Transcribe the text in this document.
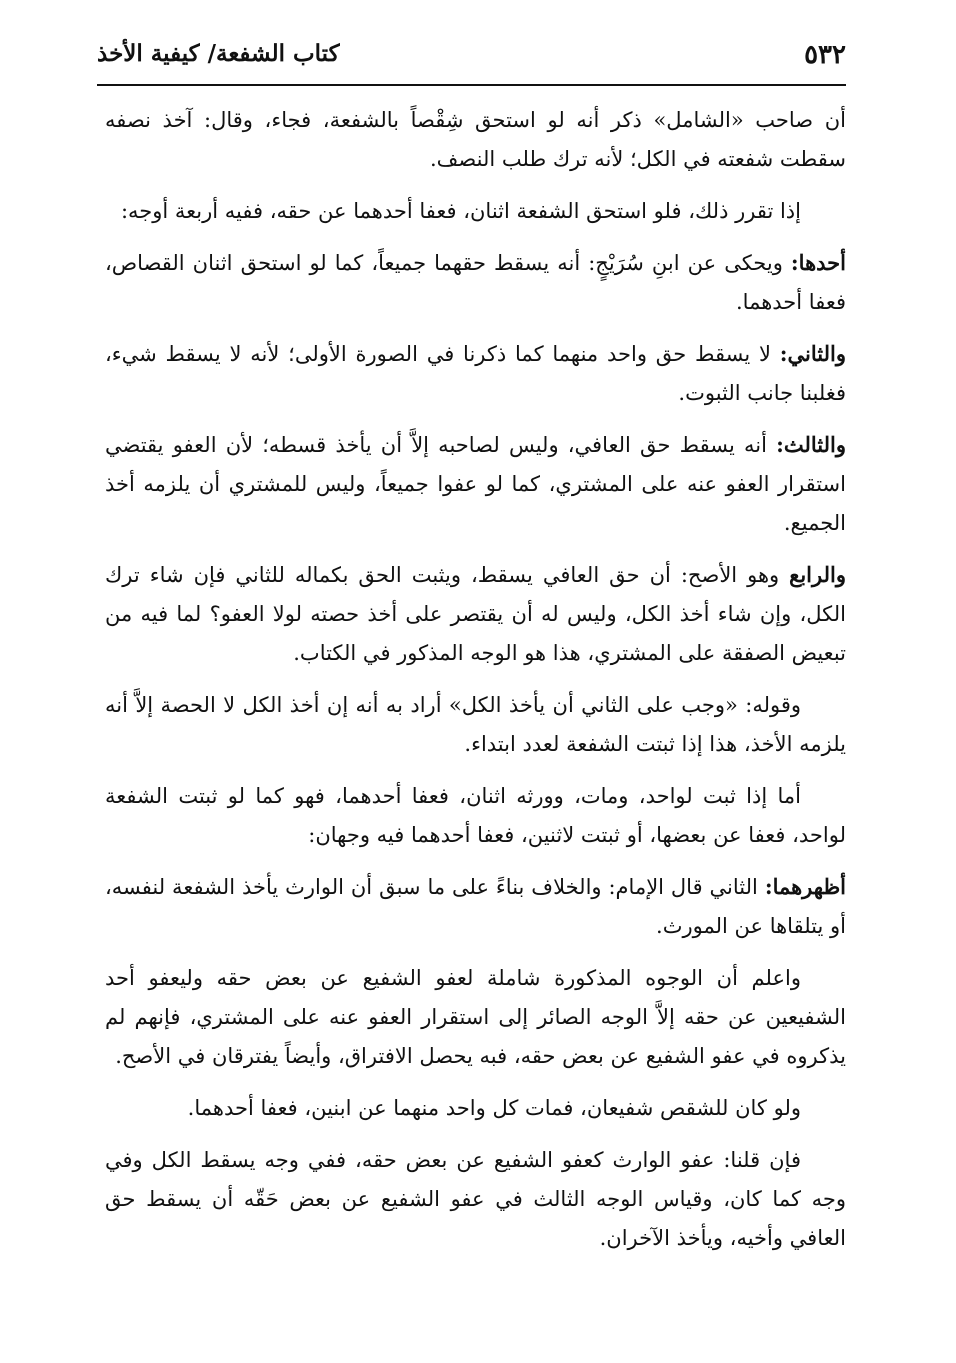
٥٣٢
كتاب الشفعة/ كيفية الأخذ

أن صاحب «الشامل» ذكر أنه لو استحق شِقْصاً بالشفعة، فجاء، وقال: آخذ نصفه سقطت شفعته في الكل؛ لأنه ترك طلب النصف.

إذا تقرر ذلك، فلو استحق الشفعة اثنان، فعفا أحدهما عن حقه، ففيه أربعة أوجه:

أحدها: ويحكى عن ابنِ سُرَيْجٍ: أنه يسقط حقهما جميعاً، كما لو استحق اثنان القصاص، فعفا أحدهما.

والثاني: لا يسقط حق واحد منهما كما ذكرنا في الصورة الأولى؛ لأنه لا يسقط شيء، فغلبنا جانب الثبوت.

والثالث: أنه يسقط حق العافي، وليس لصاحبه إلاَّ أن يأخذ قسطه؛ لأن العفو يقتضي استقرار العفو عنه على المشتري، كما لو عفوا جميعاً، وليس للمشتري أن يلزمه أخذ الجميع.

والرابع وهو الأصح: أن حق العافي يسقط، ويثبت الحق بكماله للثاني فإن شاء ترك الكل، وإن شاء أخذ الكل، وليس له أن يقتصر على أخذ حصته لولا العفو؟ لما فيه من تبعيض الصفقة على المشتري، هذا هو الوجه المذكور في الكتاب.

وقوله: «وجب على الثاني أن يأخذ الكل» أراد به أنه إن أخذ الكل لا الحصة إلاَّ أنه يلزمه الأخذ، هذا إذا ثبتت الشفعة لعدد ابتداء.

أما إذا ثبت لواحد، ومات، وورثه اثنان، فعفا أحدهما، فهو كما لو ثبتت الشفعة لواحد، فعفا عن بعضها، أو ثبتت لاثنين، فعفا أحدهما فيه وجهان:

أظهرهما: الثاني قال الإمام: والخلاف بناءً على ما سبق أن الوارث يأخذ الشفعة لنفسه، أو يتلقاها عن المورث.

واعلم أن الوجوه المذكورة شاملة لعفو الشفيع عن بعض حقه وليعفو أحد الشفيعين عن حقه إلاَّ الوجه الصائر إلى استقرار العفو عنه على المشتري، فإنهم لم يذكروه في عفو الشفيع عن بعض حقه، فبه يحصل الافتراق، وأيضاً يفترقان في الأصح.

ولو كان للشقص شفيعان، فمات كل واحد منهما عن ابنين، فعفا أحدهما.

فإن قلنا: عفو الوارث كعفو الشفيع عن بعض حقه، ففي وجه يسقط الكل وفي وجه كما كان، وقياس الوجه الثالث في عفو الشفيع عن بعض حَقّه أن يسقط حق العافي وأخيه، ويأخذ الآخران.
